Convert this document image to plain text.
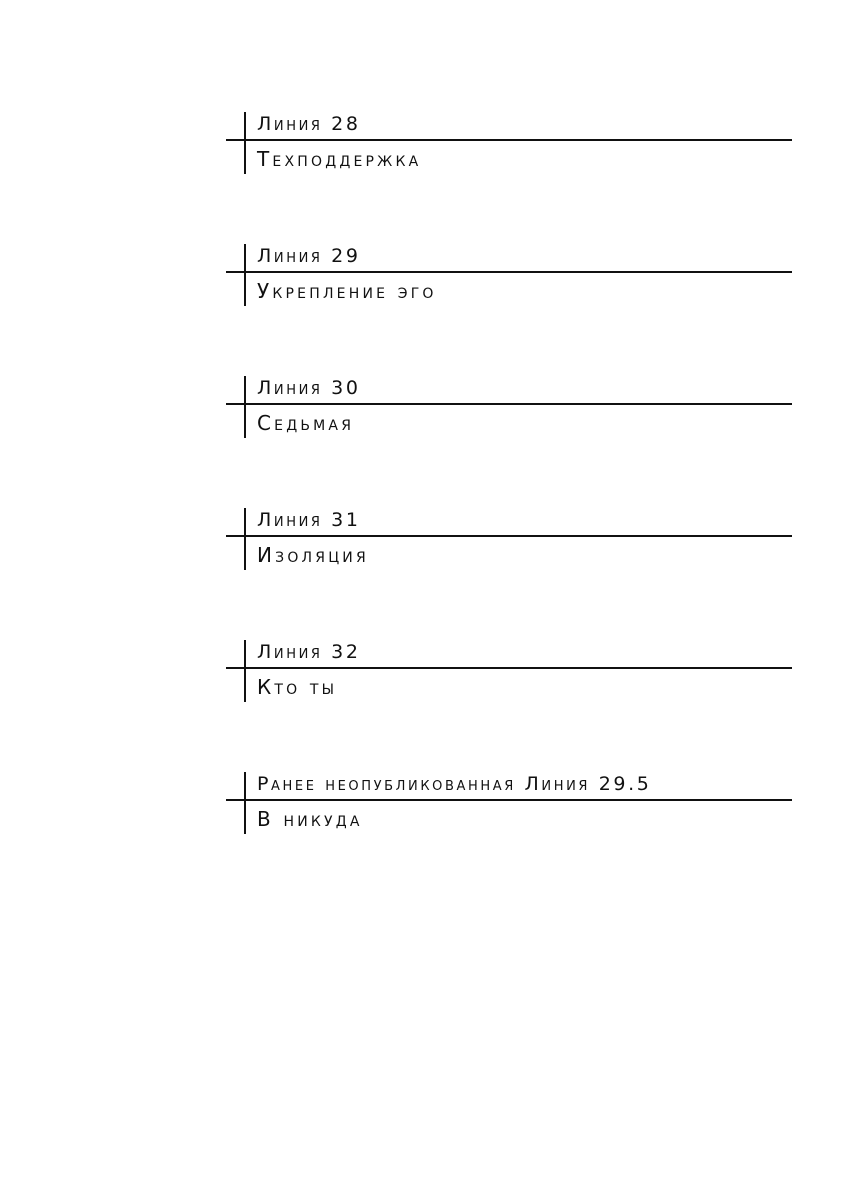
Линия 28
Техподдержка
Линия 29
Укрепление эго
Линия 30
Седьмая
Линия 31
Изоляция
Линия 32
Кто ты
Ранее неопубликованная Линия 29.5
В никуда
